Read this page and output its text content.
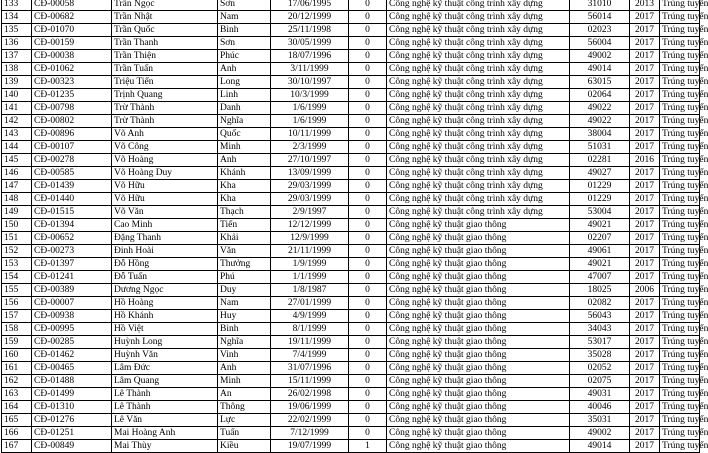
133	CĐ-00058	Trần Ngọc	Sơn	17/06/1995	0	Công nghệ kỹ thuật công trình xây dựng	31010	2013	Trúng tuyển
134	CĐ-00682	Trần Nhật	Nam	20/12/1999	0	Công nghệ kỹ thuật công trình xây dựng	56014	2017	Trúng tuyển
135	CĐ-01070	Trần Quốc	Bình	25/11/1998	0	Công nghệ kỹ thuật công trình xây dựng	02023	2017	Trúng tuyển
136	CĐ-00159	Trần Thanh	Sơn	30/05/1999	0	Công nghệ kỹ thuật công trình xây dựng	56004	2017	Trúng tuyển
137	CĐ-00038	Trần Thiện	Phúc	18/07/1996	0	Công nghệ kỹ thuật công trình xây dựng	49002	2017	Trúng tuyển
138	CĐ-01062	Trần Tuấn	Anh	3/11/1999	0	Công nghệ kỹ thuật công trình xây dựng	49014	2017	Trúng tuyển
139	CĐ-00323	Triệu Tiến	Long	30/10/1997	0	Công nghệ kỹ thuật công trình xây dựng	63015	2017	Trúng tuyển
140	CĐ-01235	Trịnh Quang	Linh	10/3/1999	0	Công nghệ kỹ thuật công trình xây dựng	02064	2017	Trúng tuyển
141	CĐ-00798	Trừ Thành	Danh	1/6/1999	0	Công nghệ kỹ thuật công trình xây dựng	49022	2017	Trúng tuyển
142	CĐ-00802	Trừ Thành	Nghĩa	1/6/1999	0	Công nghệ kỹ thuật công trình xây dựng	49022	2017	Trúng tuyển
143	CĐ-00896	Võ Anh	Quốc	10/11/1999	0	Công nghệ kỹ thuật công trình xây dựng	38004	2017	Trúng tuyển
144	CĐ-00107	Võ Công	Minh	2/3/1999	0	Công nghệ kỹ thuật công trình xây dựng	51031	2017	Trúng tuyển
145	CĐ-00278	Võ Hoàng	Anh	27/10/1997	0	Công nghệ kỹ thuật công trình xây dựng	02281	2016	Trúng tuyển
146	CĐ-00585	Võ Hoàng Duy	Khánh	13/09/1999	0	Công nghệ kỹ thuật công trình xây dựng	49027	2017	Trúng tuyển
147	CĐ-01439	Võ Hữu	Kha	29/03/1999	0	Công nghệ kỹ thuật công trình xây dựng	01229	2017	Trúng tuyển
148	CĐ-01440	Võ Hữu	Kha	29/03/1999	0	Công nghệ kỹ thuật công trình xây dựng	01229	2017	Trúng tuyển
149	CĐ-01515	Võ Văn	Thạch	2/9/1997	0	Công nghệ kỹ thuật công trình xây dựng	53004	2017	Trúng tuyển
150	CĐ-01394	Cao Minh	Tiến	12/12/1999	0	Công nghệ kỹ thuật giao thông	49021	2017	Trúng tuyển
151	CĐ-00652	Đặng Thanh	Khải	12/9/1999	0	Công nghệ kỹ thuật giao thông	02207	2017	Trúng tuyển
152	CĐ-00273	Đinh Hoài	Văn	21/11/1999	0	Công nghệ kỹ thuật giao thông	49061	2017	Trúng tuyển
153	CĐ-01397	Đỗ Hồng	Thưởng	1/9/1999	0	Công nghệ kỹ thuật giao thông	49021	2017	Trúng tuyển
154	CĐ-01241	Đỗ Tuấn	Phú	1/1/1999	0	Công nghệ kỹ thuật giao thông	47007	2017	Trúng tuyển
155	CĐ-00389	Dương Ngọc	Duy	1/8/1987	0	Công nghệ kỹ thuật giao thông	18025	2006	Trúng tuyển
156	CĐ-00007	Hồ Hoàng	Nam	27/01/1999	0	Công nghệ kỹ thuật giao thông	02082	2017	Trúng tuyển
157	CĐ-00938	Hồ Khánh	Huy	4/9/1999	0	Công nghệ kỹ thuật giao thông	56043	2017	Trúng tuyển
158	CĐ-00995	Hồ Việt	Bình	8/1/1999	0	Công nghệ kỹ thuật giao thông	34043	2017	Trúng tuyển
159	CĐ-00285	Huỳnh Long	Nghĩa	19/11/1999	0	Công nghệ kỹ thuật giao thông	53017	2017	Trúng tuyển
160	CĐ-01462	Huỳnh Văn	Vinh	7/4/1999	0	Công nghệ kỹ thuật giao thông	35028	2017	Trúng tuyển
161	CĐ-00465	Lâm Đức	Anh	31/07/1996	0	Công nghệ kỹ thuật giao thông	02052	2017	Trúng tuyển
162	CĐ-01488	Lâm Quang	Minh	15/11/1999	0	Công nghệ kỹ thuật giao thông	02075	2017	Trúng tuyển
163	CĐ-01499	Lê Thành	An	26/02/1998	0	Công nghệ kỹ thuật giao thông	49031	2017	Trúng tuyển
164	CĐ-01310	Lê Thành	Thông	19/06/1999	0	Công nghệ kỹ thuật giao thông	40046	2017	Trúng tuyển
165	CĐ-01276	Lê Văn	Lực	22/02/1999	0	Công nghệ kỹ thuật giao thông	35031	2017	Trúng tuyển
166	CĐ-01251	Mai Hoàng Anh	Tuấn	7/12/1999	0	Công nghệ kỹ thuật giao thông	49002	2017	Trúng tuyển
167	CĐ-00849	Mai Thùy	Kiều	19/07/1999	1	Công nghệ kỹ thuật giao thông	49014	2017	Trúng tuyển
